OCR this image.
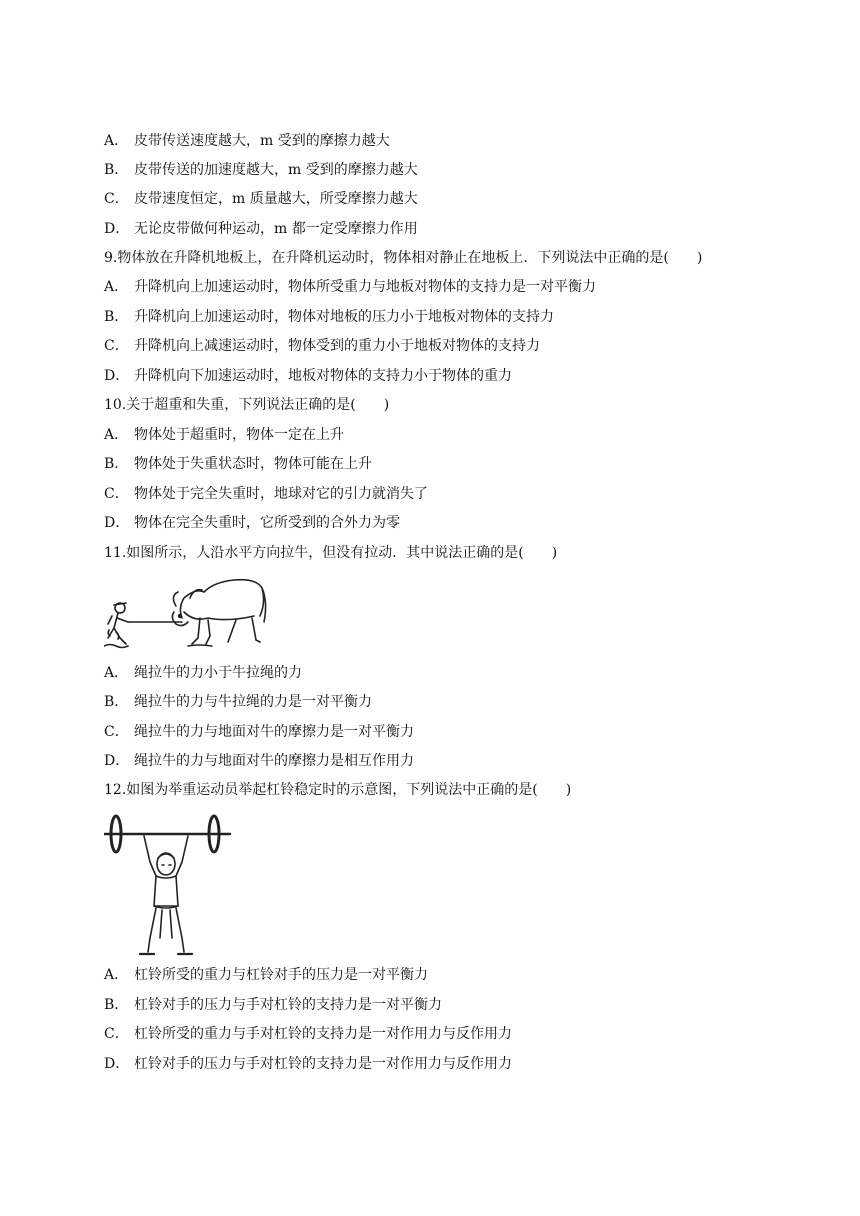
A． 皮带传送速度越大，m 受到的摩擦力越大
B． 皮带传送的加速度越大，m 受到的摩擦力越大
C． 皮带速度恒定，m 质量越大，所受摩擦力越大
D． 无论皮带做何种运动，m 都一定受摩擦力作用
9.物体放在升降机地板上，在升降机运动时，物体相对静止在地板上．下列说法中正确的是(　　)
A． 升降机向上加速运动时，物体所受重力与地板对物体的支持力是一对平衡力
B． 升降机向上加速运动时，物体对地板的压力小于地板对物体的支持力
C． 升降机向上减速运动时，物体受到的重力小于地板对物体的支持力
D． 升降机向下加速运动时，地板对物体的支持力小于物体的重力
10.关于超重和失重，下列说法正确的是(　　)
A． 物体处于超重时，物体一定在上升
B． 物体处于失重状态时，物体可能在上升
C． 物体处于完全失重时，地球对它的引力就消失了
D． 物体在完全失重时，它所受到的合外力为零
11.如图所示，人沿水平方向拉牛，但没有拉动．其中说法正确的是(　　)
A． 绳拉牛的力小于牛拉绳的力
B． 绳拉牛的力与牛拉绳的力是一对平衡力
C． 绳拉牛的力与地面对牛的摩擦力是一对平衡力
D． 绳拉牛的力与地面对牛的摩擦力是相互作用力
12.如图为举重运动员举起杠铃稳定时的示意图，下列说法中正确的是(　　)
A． 杠铃所受的重力与杠铃对手的压力是一对平衡力
B． 杠铃对手的压力与手对杠铃的支持力是一对平衡力
C． 杠铃所受的重力与手对杠铃的支持力是一对作用力与反作用力
D． 杠铃对手的压力与手对杠铃的支持力是一对作用力与反作用力
